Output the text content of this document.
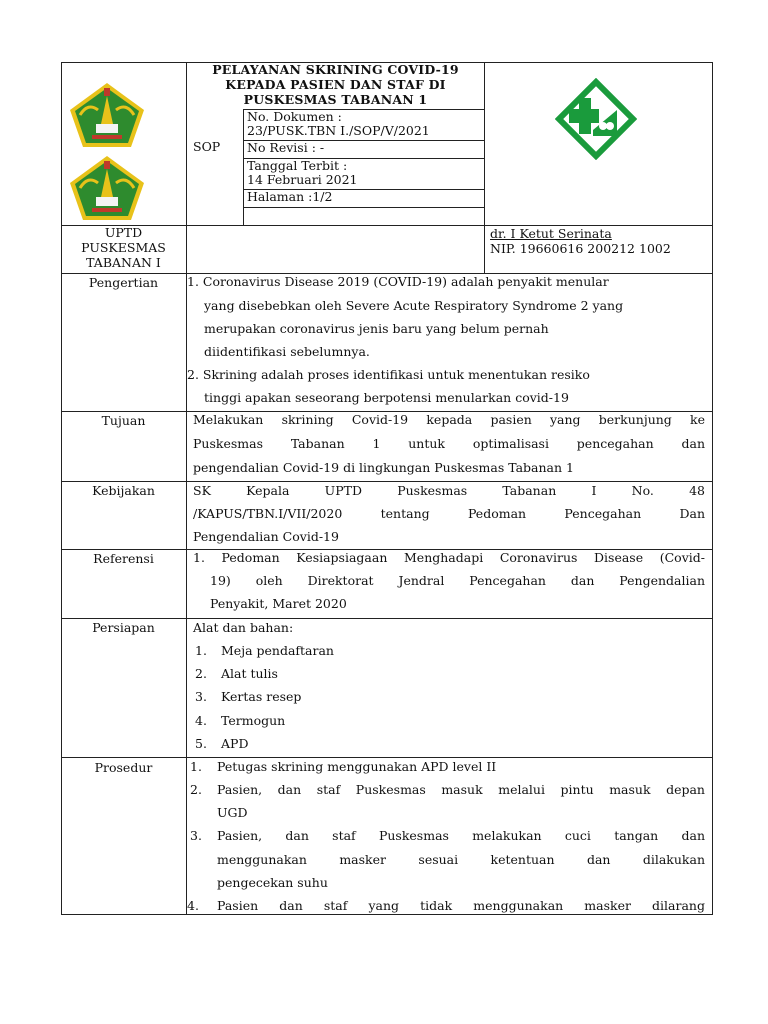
PELAYANAN SKRINING COVID-19
KEPADA PASIEN DAN STAF DI
PUSKESMAS TABANAN 1
SOP
No. Dokumen :
23/PUSK.TBN I./SOP/V/2021
No Revisi : -
Tanggal Terbit :
14 Februari 2021
Halaman :1/2
UPTD
PUSKESMAS
TABANAN I
dr. I Ketut Serinata
NIP. 19660616 200212 1002
Pengertian	1. Coronavirus Disease 2019 (COVID-19) adalah penyakit menular
yang disebebkan oleh Severe Acute Respiratory Syndrome 2 yang
merupakan coronavirus jenis baru yang belum pernah
diidentifikasi sebelumnya.
2. Skrining adalah proses identifikasi untuk menentukan resiko
tinggi apakan seseorang berpotensi menularkan covid-19
Tujuan	Melakukan skrining Covid-19 kepada pasien yang berkunjung ke
Puskesmas Tabanan 1 untuk optimalisasi pencegahan dan
pengendalian Covid-19 di lingkungan Puskesmas Tabanan 1
Kebijakan	SK Kepala UPTD Puskesmas Tabanan I No. 48
/KAPUS/TBN.I/VII/2020 tentang Pedoman Pencegahan Dan
Pengendalian Covid-19
Referensi	1. Pedoman Kesiapsiagaan Menghadapi Coronavirus Disease (Covid-
19) oleh Direktorat Jendral Pencegahan dan Pengendalian
Penyakit, Maret 2020
Persiapan	Alat dan bahan:
1. Meja pendaftaran
2. Alat tulis
3. Kertas resep
4. Termogun
5. APD
Prosedur	1. Petugas skrining menggunakan APD level II
2. Pasien, dan staf Puskesmas masuk melalui pintu masuk depan
UGD
3. Pasien, dan staf Puskesmas melakukan cuci tangan dan
menggunakan masker sesuai ketentuan dan dilakukan
pengecekan suhu
4. Pasien dan staf yang tidak menggunakan masker dilarang
